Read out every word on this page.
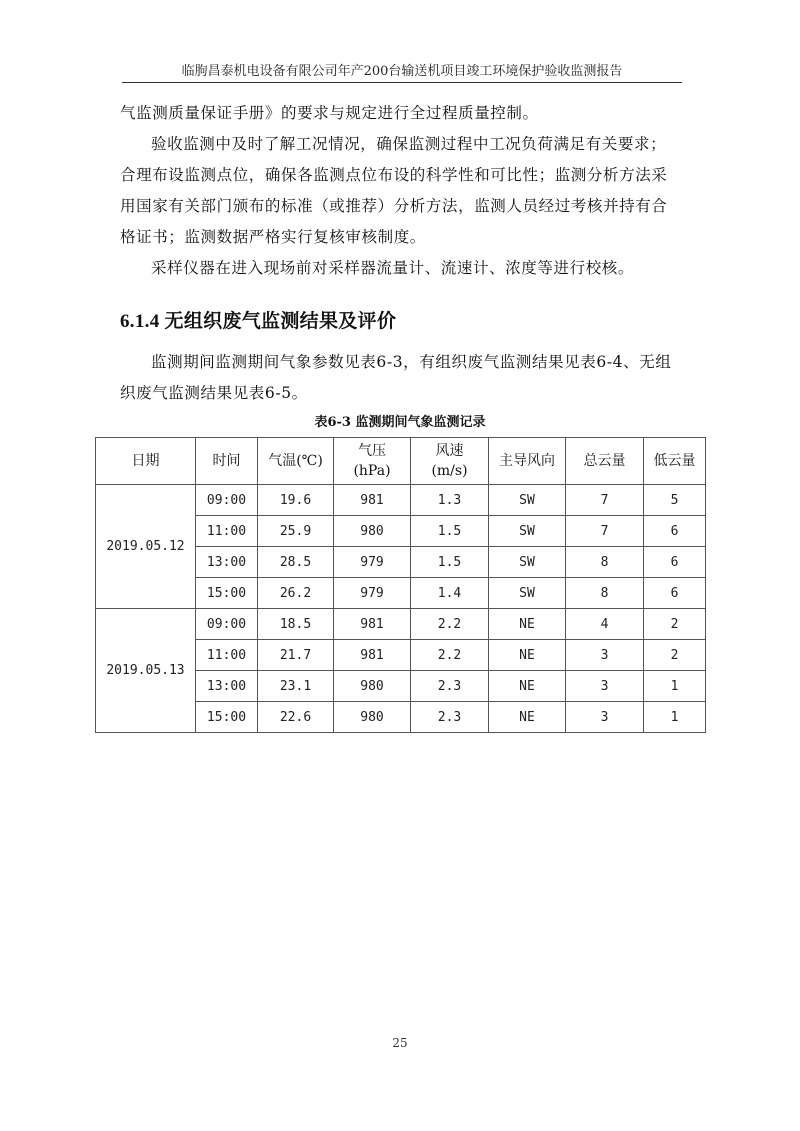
临朐昌泰机电设备有限公司年产200台输送机项目竣工环境保护验收监测报告

气监测质量保证手册》的要求与规定进行全过程质量控制。

验收监测中及时了解工况情况，确保监测过程中工况负荷满足有关要求；合理布设监测点位，确保各监测点位布设的科学性和可比性；监测分析方法采用国家有关部门颁布的标准（或推荐）分析方法，监测人员经过考核并持有合格证书；监测数据严格实行复核审核制度。

采样仪器在进入现场前对采样器流量计、流速计、浓度等进行校核。

6.1.4 无组织废气监测结果及评价

监测期间监测期间气象参数见表6-3，有组织废气监测结果见表6-4、无组织废气监测结果见表6-5。

表6-3 监测期间气象监测记录
日期	时间	气温(℃)	气压
(hPa)	风速
(m/s)	主导风向	总云量	低云量
2019.05.12	09:00	19.6	981	1.3	SW	7	5
	11:00	25.9	980	1.5	SW	7	6
	13:00	28.5	979	1.5	SW	8	6
	15:00	26.2	979	1.4	SW	8	6
2019.05.13	09:00	18.5	981	2.2	NE	4	2
	11:00	21.7	981	2.2	NE	3	2
	13:00	23.1	980	2.3	NE	3	1
	15:00	22.6	980	2.3	NE	3	1
25
